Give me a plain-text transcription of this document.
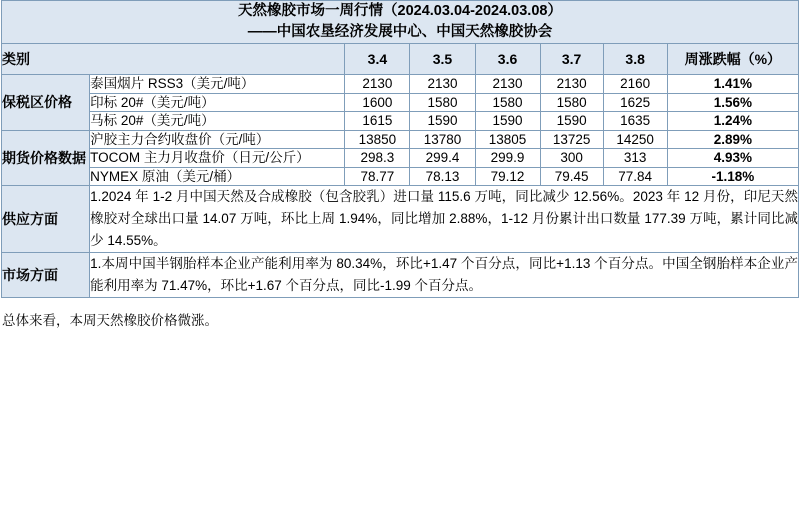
天然橡胶市场一周行情（2024.03.04-2024.03.08）							
——中国农垦经济发展中心、中国天然橡胶协会							
类别		3.4	3.5	3.6	3.7	3.8	周涨跌幅（%）
保税区价格	泰国烟片 RSS3（美元/吨）	2130	2130	2130	2130	2160	1.41%
	印标 20#（美元/吨）	1600	1580	1580	1580	1625	1.56%
	马标 20#（美元/吨）	1615	1590	1590	1590	1635	1.24%
期货价格数据	沪胶主力合约收盘价（元/吨）	13850	13780	13805	13725	14250	2.89%
	TOCOM 主力月收盘价（日元/公斤）	298.3	299.4	299.9	300	313	4.93%
	NYMEX 原油（美元/桶）	78.77	78.13	79.12	79.45	77.84	-1.18%
供应方面	1.2024 年 1-2 月中国天然及合成橡胶（包含胶乳）进口量 115.6 万吨，同比减少 12.56%。2023 年 12 月份，印尼天然橡胶对全球出口量 14.07 万吨，环比上周 1.94%，同比增加 2.88%，1-12 月份累计出口数量 177.39 万吨，累计同比减少 14.55%。						
市场方面	1.本周中国半钢胎样本企业产能利用率为 80.34%，环比+1.47 个百分点，同比+1.13 个百分点。中国全钢胎样本企业产能利用率为 71.47%，环比+1.67 个百分点，同比-1.99 个百分点。						
总体来看，本周天然橡胶价格微涨。
